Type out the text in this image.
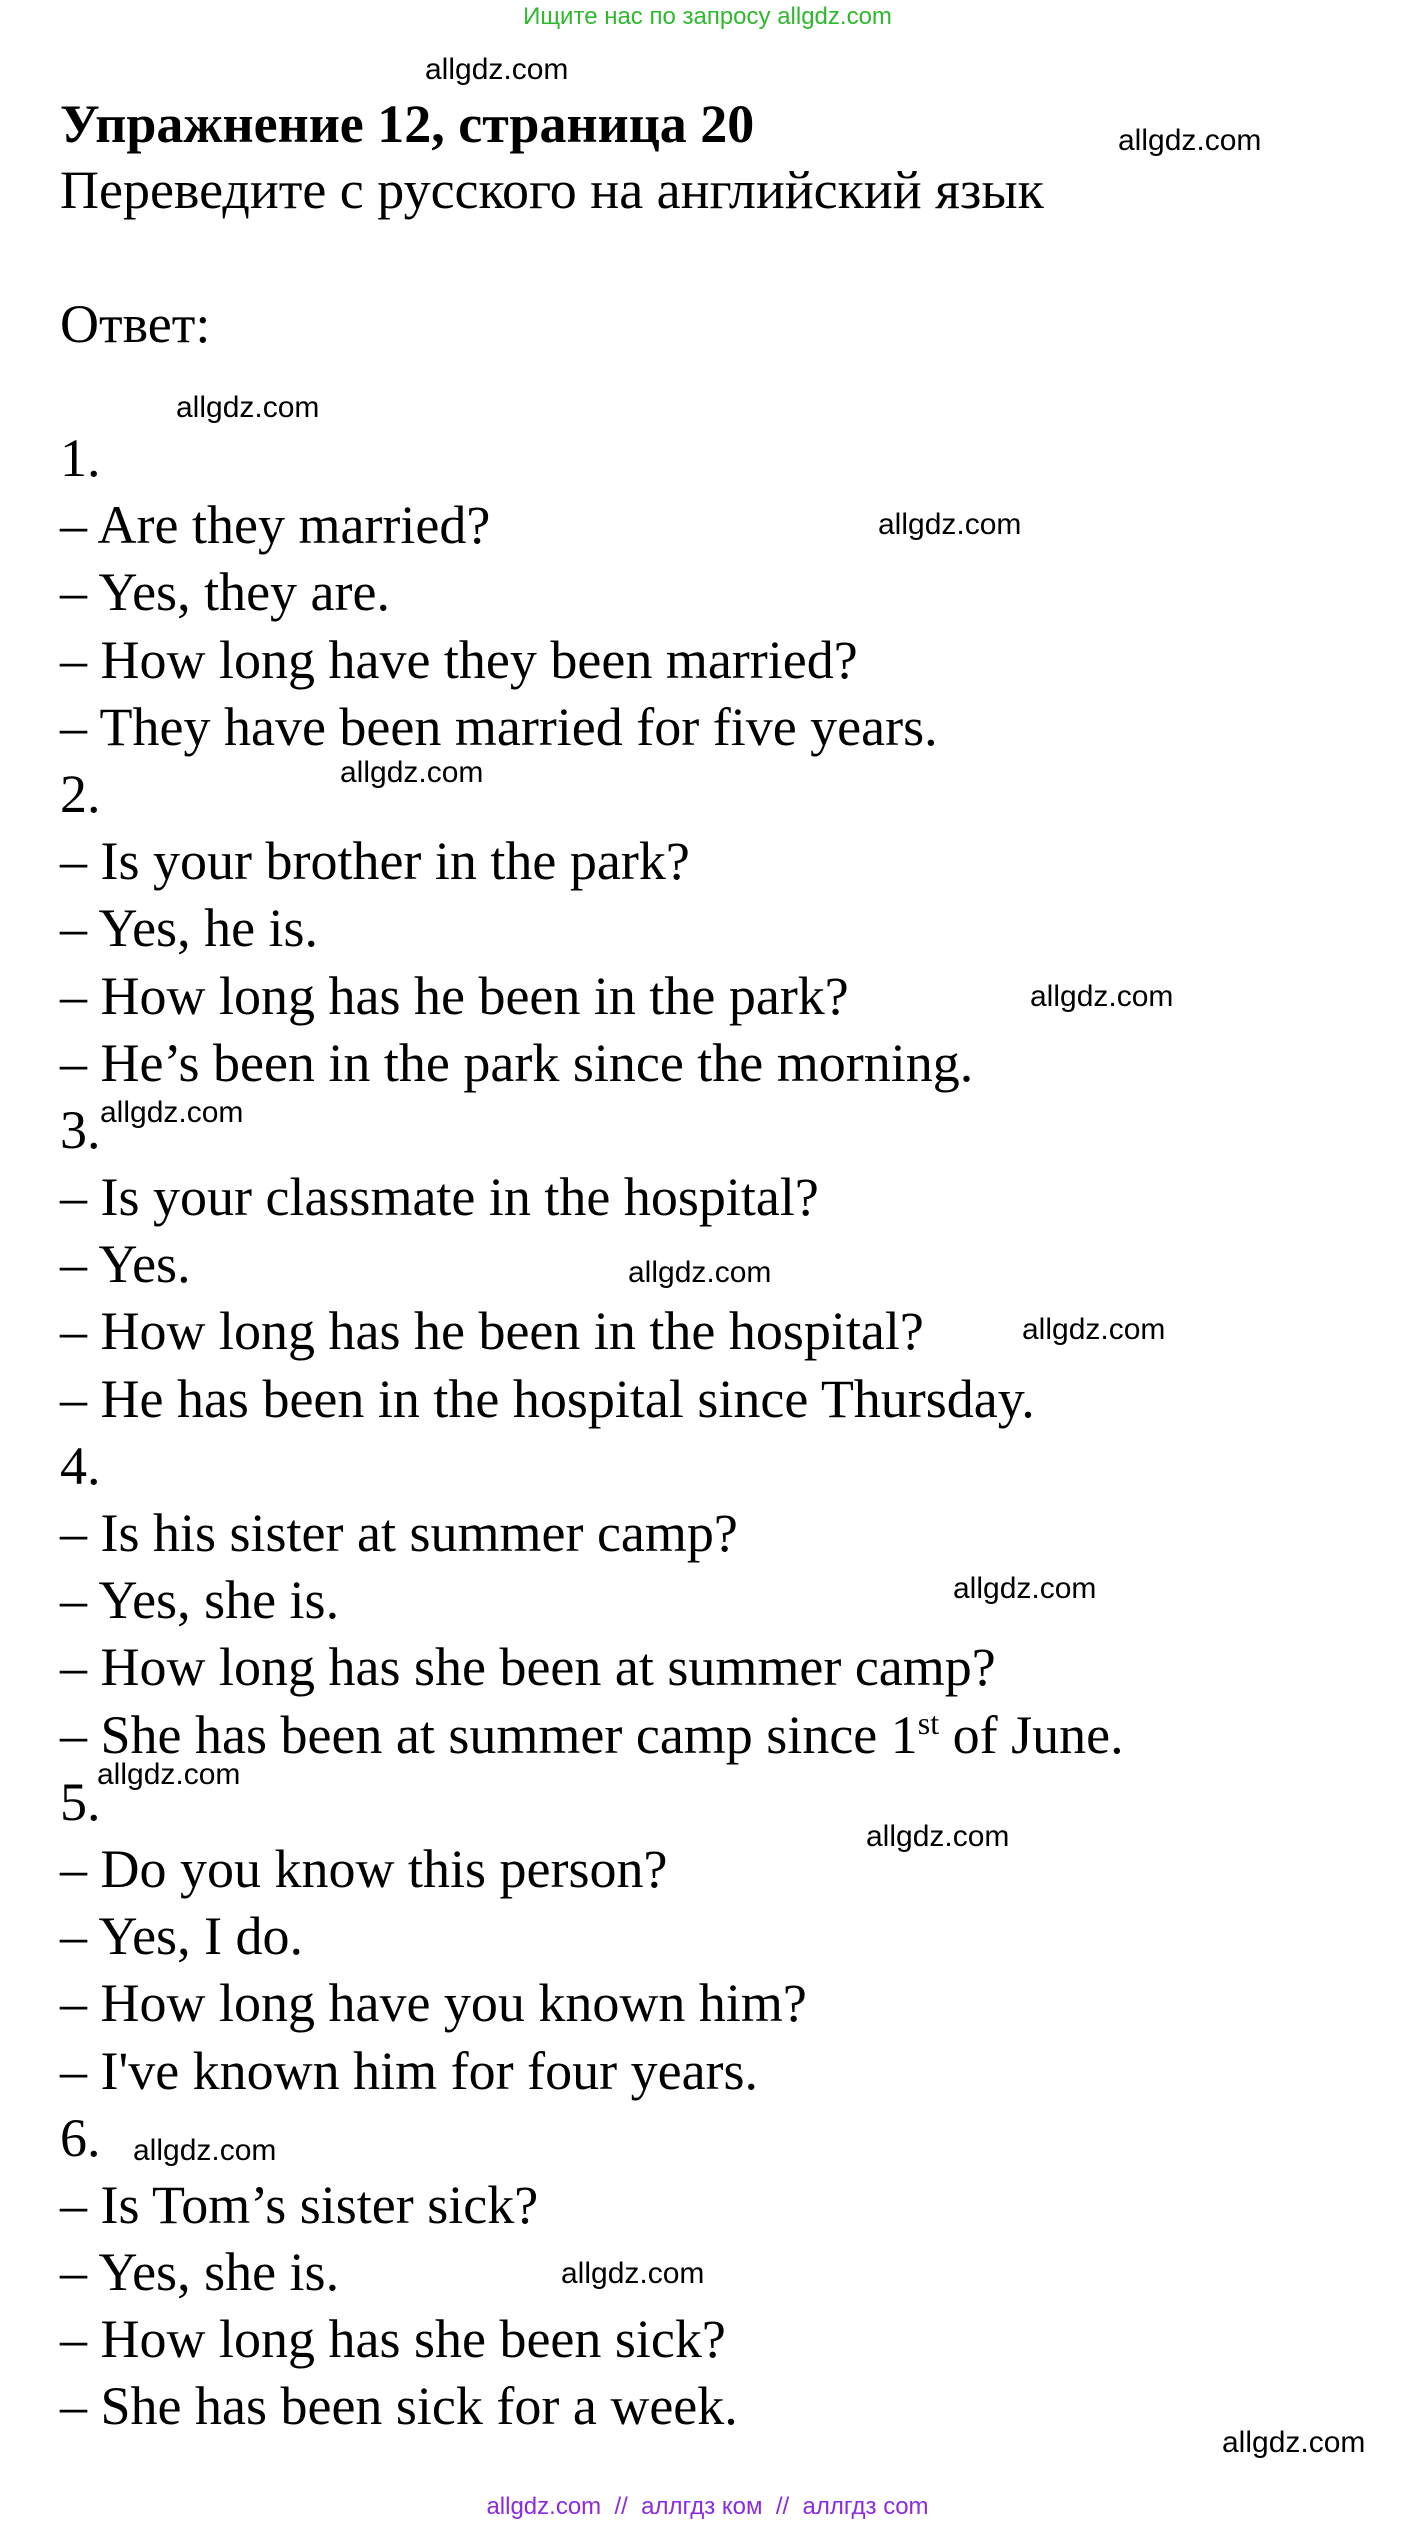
Ищите нас по запросу allgdz.com
Упражнение 12, страница 20
Переведите с русского на английский язык
Ответ:
1.
– Are they married?
– Yes, they are.
– How long have they been married?
– They have been married for five years.
2.
– Is your brother in the park?
– Yes, he is.
– How long has he been in the park?
– He’s been in the park since the morning.
3.
– Is your classmate in the hospital?
– Yes.
– How long has he been in the hospital?
– He has been in the hospital since Thursday.
4.
– Is his sister at summer camp?
– Yes, she is.
– How long has she been at summer camp?
– She has been at summer camp since 1st of June.
5.
– Do you know this person?
– Yes, I do.
– How long have you known him?
– I've known him for four years.
6.
– Is Tom’s sister sick?
– Yes, she is.
– How long has she been sick?
– She has been sick for a week.
allgdz.com
allgdz.com
allgdz.com
allgdz.com
allgdz.com
allgdz.com
allgdz.com
allgdz.com
allgdz.com
allgdz.com
allgdz.com
allgdz.com
allgdz.com
allgdz.com
allgdz.com
allgdz.com  //  аллгдз ком  //  аллгдз com
